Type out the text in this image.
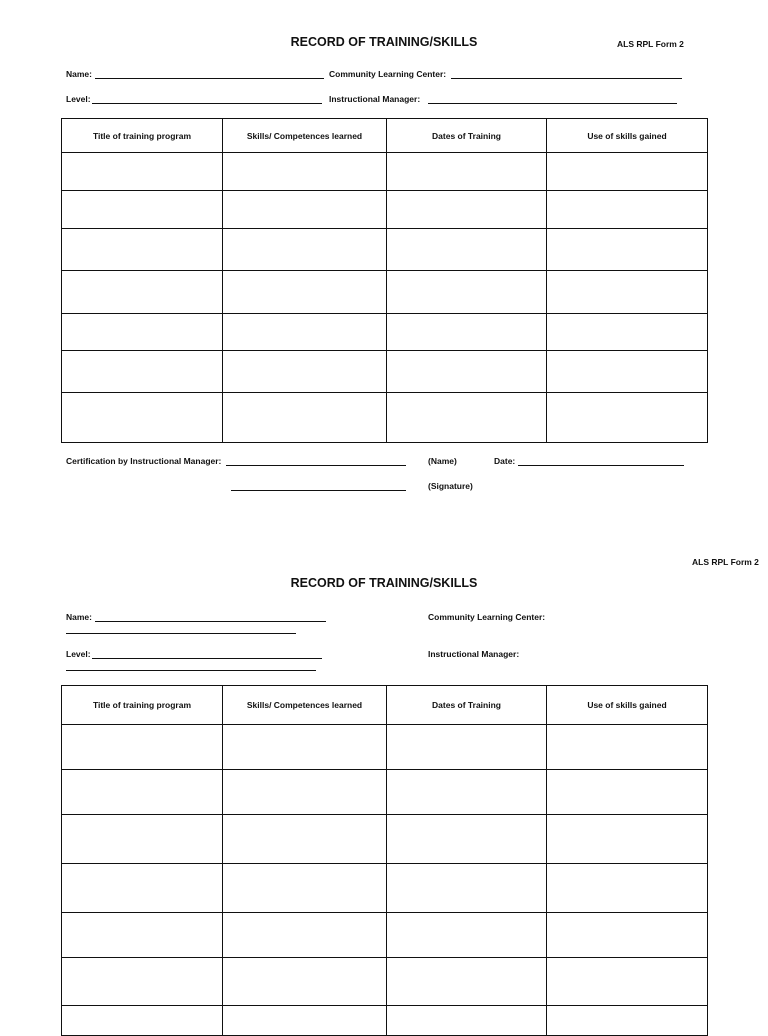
RECORD OF TRAINING/SKILLS	ALS RPL Form 2
Name:	Community Learning Center:
Level:	Instructional Manager:
Title of training program	Skills/ Competences learned	Dates of Training	Use of skills gained

Certification by Instructional Manager:	(Name)	Date:
(Signature)
ALS RPL Form 2
RECORD OF TRAINING/SKILLS
Name:	Community Learning Center:
Level:	Instructional Manager:
Title of training program	Skills/ Competences learned	Dates of Training	Use of skills gained
